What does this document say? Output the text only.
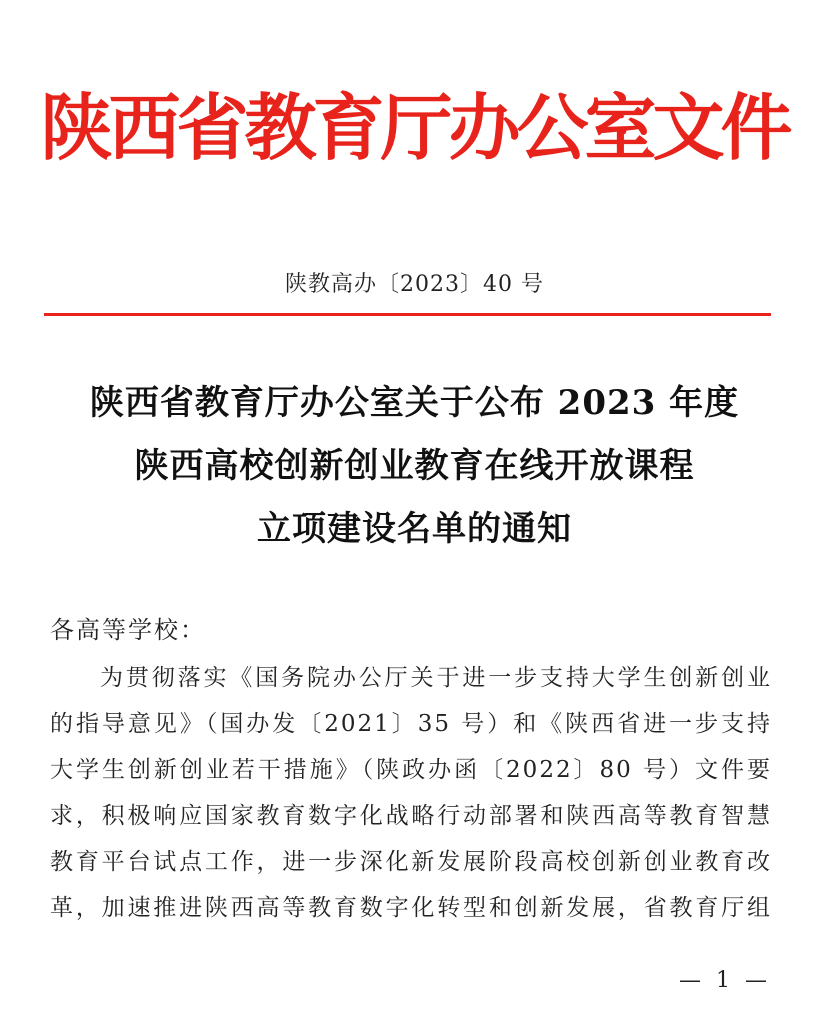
陕西省教育厅办公室文件
陕教高办〔2023〕40 号
陕西省教育厅办公室关于公布 2023 年度
陕西高校创新创业教育在线开放课程
立项建设名单的通知
各高等学校：
为贯彻落实《国务院办公厅关于进一步支持大学生创新创业
的指导意见》（国办发〔2021〕35 号）和《陕西省进一步支持
大学生创新创业若干措施》（陕政办函〔2022〕80 号）文件要
求，积极响应国家教育数字化战略行动部署和陕西高等教育智慧
教育平台试点工作，进一步深化新发展阶段高校创新创业教育改
革，加速推进陕西高等教育数字化转型和创新发展，省教育厅组
— 1 —
